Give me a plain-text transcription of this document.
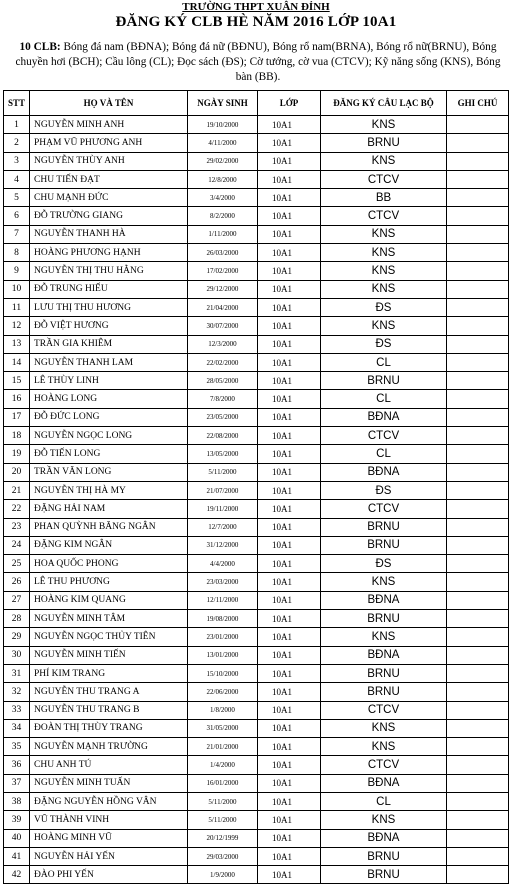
TRƯỜNG THPT XUÂN ĐỈNH
ĐĂNG KÝ CLB HÈ NĂM 2016 LỚP 10A1
10 CLB: Bóng đá nam (BĐNA); Bóng đá nữ (BĐNU), Bóng rổ nam(BRNA), Bóng rổ nữ(BRNU), Bóng chuyền hơi (BCH); Cầu lông (CL); Đọc sách (ĐS); Cờ tướng, cờ vua (CTCV); Kỹ năng sống (KNS), Bóng bàn (BB).
STT	HỌ VÀ TÊN	NGÀY SINH	LỚP	ĐĂNG KÝ CÂU LẠC BỘ	GHI CHÚ
1	NGUYỄN MINH ANH	19/10/2000	10A1	KNS	
2	PHẠM VŨ PHƯƠNG ANH	4/11/2000	10A1	BRNU	
3	NGUYỄN THÙY ANH	29/02/2000	10A1	KNS	
4	CHU TIẾN ĐẠT	12/8/2000	10A1	CTCV	
5	CHU MẠNH ĐỨC	3/4/2000	10A1	BB	
6	ĐỖ TRƯỜNG GIANG	8/2/2000	10A1	CTCV	
7	NGUYỄN THANH HÀ	1/11/2000	10A1	KNS	
8	HOÀNG PHƯƠNG HẠNH	26/03/2000	10A1	KNS	
9	NGUYỄN THỊ THU HẰNG	17/02/2000	10A1	KNS	
10	ĐỖ TRUNG HIẾU	29/12/2000	10A1	KNS	
11	LƯU THỊ THU HƯƠNG	21/04/2000	10A1	ĐS	
12	ĐỖ VIỆT HƯƠNG	30/07/2000	10A1	KNS	
13	TRẦN GIA KHIÊM	12/3/2000	10A1	ĐS	
14	NGUYỄN THANH LAM	22/02/2000	10A1	CL	
15	LÊ THÙY LINH	28/05/2000	10A1	BRNU	
16	HOÀNG LONG	7/8/2000	10A1	CL	
17	ĐỖ ĐỨC LONG	23/05/2000	10A1	BĐNA	
18	NGUYỄN NGỌC LONG	22/08/2000	10A1	CTCV	
19	ĐỖ TIẾN LONG	13/05/2000	10A1	CL	
20	TRẦN VĂN LONG	5/11/2000	10A1	BĐNA	
21	NGUYỄN THỊ HÀ MY	21/07/2000	10A1	ĐS	
22	ĐẶNG HẢI NAM	19/11/2000	10A1	CTCV	
23	PHAN QUỲNH BĂNG NGÂN	12/7/2000	10A1	BRNU	
24	ĐẶNG KIM NGÂN	31/12/2000	10A1	BRNU	
25	HOA QUỐC PHONG	4/4/2000	10A1	ĐS	
26	LÊ THU PHƯƠNG	23/03/2000	10A1	KNS	
27	HOÀNG KIM QUANG	12/11/2000	10A1	BĐNA	
28	NGUYỄN MINH TÂM	19/08/2000	10A1	BRNU	
29	NGUYỄN NGỌC THỦY TIÊN	23/01/2000	10A1	KNS	
30	NGUYỄN MINH TIẾN	13/01/2000	10A1	BĐNA	
31	PHÍ KIM TRANG	15/10/2000	10A1	BRNU	
32	NGUYỄN THU TRANG A	22/06/2000	10A1	BRNU	
33	NGUYỄN THU TRANG B	1/8/2000	10A1	CTCV	
34	ĐOÀN THỊ THÙY TRANG	31/05/2000	10A1	KNS	
35	NGUYỄN MẠNH TRƯỜNG	21/01/2000	10A1	KNS	
36	CHU ANH TÚ	1/4/2000	10A1	CTCV	
37	NGUYỄN MINH TUẤN	16/01/2000	10A1	BĐNA	
38	ĐẶNG NGUYỄN HỒNG VÂN	5/11/2000	10A1	CL	
39	VŨ THÀNH VINH	5/11/2000	10A1	KNS	
40	HOÀNG MINH VŨ	20/12/1999	10A1	BĐNA	
41	NGUYỄN HẢI YẾN	29/03/2000	10A1	BRNU	
42	ĐÀO PHI YẾN	1/9/2000	10A1	BRNU	
